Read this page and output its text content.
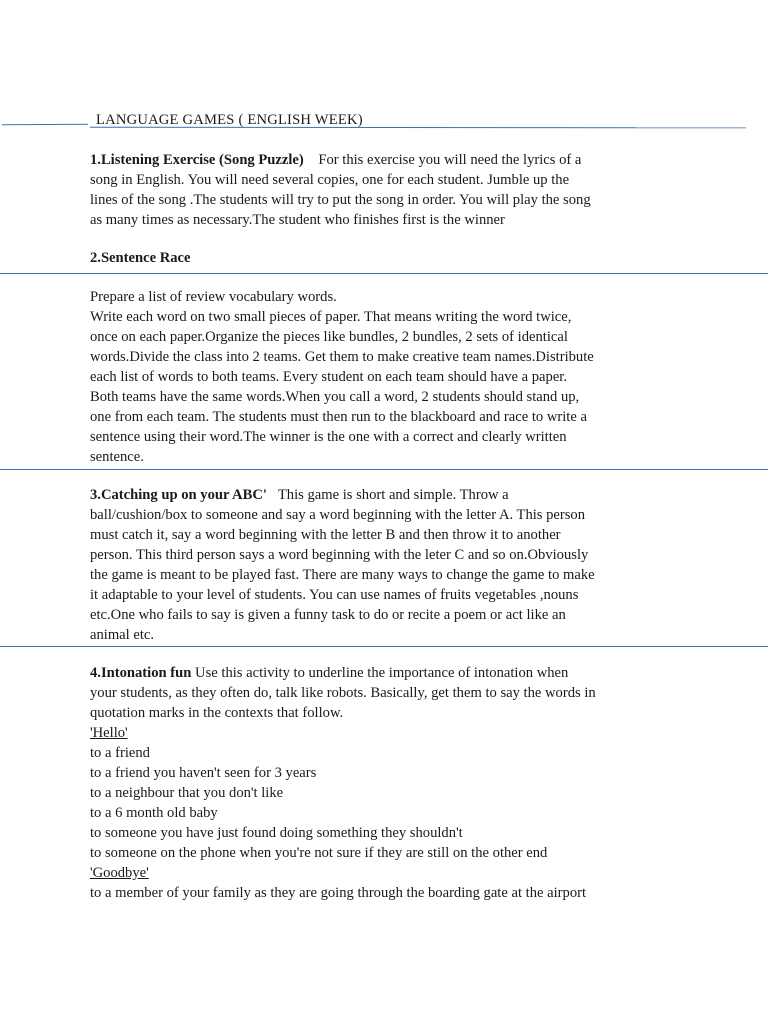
LANGUAGE GAMES ( ENGLISH WEEK)

1.Listening Exercise (Song Puzzle) For this exercise you will need the lyrics of a

song in English. You will need several copies, one for each student. Jumble up the

lines of the song .The students will try to put the song in order. You will play the song

as many times as necessary.The student who finishes first is the winner

2.Sentence Race

Prepare a list of review vocabulary words.

Write each word on two small pieces of paper. That means writing the word twice,

once on each paper.Organize the pieces like bundles, 2 bundles, 2 sets of identical

words.Divide the class into 2 teams. Get them to make creative team names.Distribute

each list of words to both teams. Every student on each team should have a paper.

Both teams have the same words.When you call a word, 2 students should stand up,

one from each team. The students must then run to the blackboard and race to write a

sentence using their word.The winner is the one with a correct and clearly written

sentence.

3.Catching up on your ABC' This game is short and simple. Throw a

ball/cushion/box to someone and say a word beginning with the letter A. This person

must catch it, say a word beginning with the letter B and then throw it to another

person. This third person says a word beginning with the leter C and so on.Obviously

the game is meant to be played fast. There are many ways to change the game to make

it adaptable to your level of students. You can use names of fruits vegetables ,nouns

etc.One who fails to say is given a funny task to do or recite a poem or act like an

animal etc.

4.Intonation fun Use this activity to underline the importance of intonation when

your students, as they often do, talk like robots. Basically, get them to say the words in

quotation marks in the contexts that follow.

'Hello'

to a friend

to a friend you haven't seen for 3 years

to a neighbour that you don't like

to a 6 month old baby

to someone you have just found doing something they shouldn't

to someone on the phone when you're not sure if they are still on the other end

'Goodbye'

to a member of your family as they are going through the boarding gate at the airport
